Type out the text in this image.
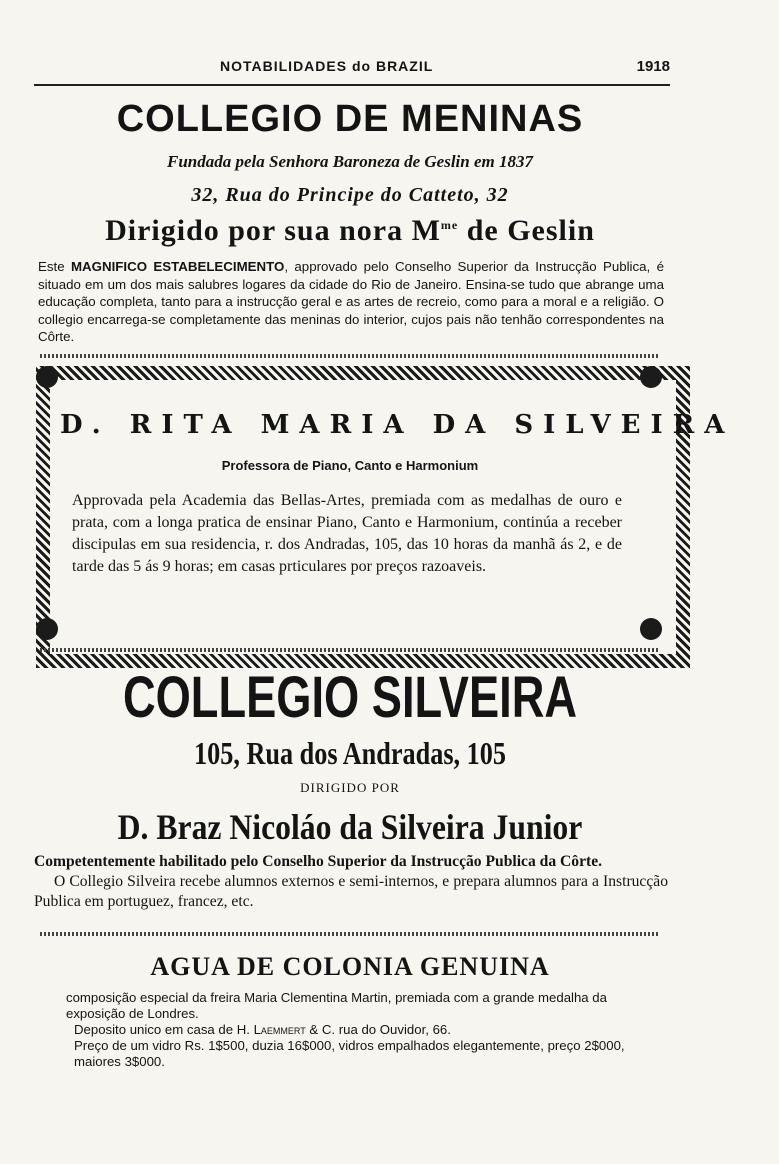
NOTABILIDADES do BRAZIL	1918
COLLEGIO DE MENINAS
Fundada pela Senhora Baroneza de Geslin em 1837
32, Rua do Principe do Catteto, 32
Dirigido por sua nora $M^{me}$ de Geslin
Este MAGNIFICO ESTABELECIMENTO, approvado pelo Conselho Superior da Instrucção Publica, é situado em um dos mais salubres logares da cidade do Rio de Janeiro. Ensina-se tudo que abrange uma educação completa, tanto para a instrucção geral e as artes de recreio, como para a moral e a religião. O collegio encarrega-se completamente das meninas do interior, cujos pais não tenhão correspondentes na Côrte.
D. RITA MARIA DA SILVEIRA
Professora de Piano, Canto e Harmonium
Approvada pela Academia das Bellas-Artes, premiada com as medalhas de ouro e prata, com a longa pratica de ensinar Piano, Canto e Harmonium, continúa a receber discipulas em sua residencia, r. dos Andradas, 105, das 10 horas da manhã ás 2, e de tarde das 5 ás 9 horas; em casas prticulares por preços razoaveis.
COLLEGIO SILVEIRA
105, Rua dos Andradas, 105
DIRIGIDO POR
D. Braz Nicoláo da Silveira Junior
Competentemente habilitado pelo Conselho Superior da Instrucção Publica da Côrte.
O Collegio Silveira recebe alumnos externos e semi-internos, e prepara alumnos para a Instrucção Publica em portuguez, francez, etc.
AGUA DE COLONIA GENUINA
composição especial da freira Maria Clementina Martin, premiada com a grande medalha da exposição de Londres.
Deposito unico em casa de H. Laemmert & C. rua do Ouvidor, 66.
Preço de um vidro Rs. 1$500, duzia 16$000, vidros empalhados elegantemente, preço 2$000, maiores 3$000.
